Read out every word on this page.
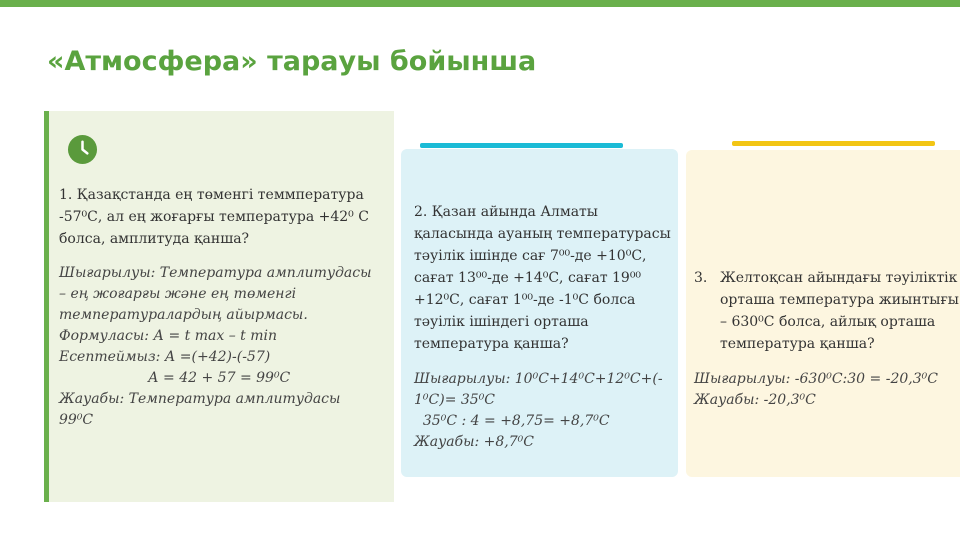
«Атмосфера» тарауы бойынша
1. Қазақстанда ең төменгі теммпература
-57⁰С, ал ең жоғарғы температура +42⁰ С
болса, амплитуда қанша?
Шығарылуы: Температура амплитудасы
– ең жоғарғы және ең төменгі
температуралардың айырмасы.
Формуласы: А = t max – t min
Есептеймыз: А =(+42)-(-57)
А = 42 + 57 = 99⁰С
Жауабы: Температура амплитудасы
99⁰С
2. Қазан айында Алматы
қаласында ауаның температурасы
тәуілік ішінде сағ 7⁰⁰-де +10⁰С,
сағат 13⁰⁰-де +14⁰С, сағат 19⁰⁰
+12⁰С, сағат 1⁰⁰-де -1⁰С болса
тәуілік ішіндегі орташа
температура қанша?
Шығарылуы: 10⁰С+14⁰С+12⁰С+(-
1⁰С)= 35⁰С
35⁰С : 4 = +8,75= +8,7⁰С
Жауабы: +8,7⁰С
3. Желтоқсан айындағы тәуіліктік
орташа температура жиынтығы
– 630⁰С болса, айлық орташа
температура қанша?
Шығарылуы: -630⁰С:30 = -20,3⁰С
Жауабы: -20,3⁰С
